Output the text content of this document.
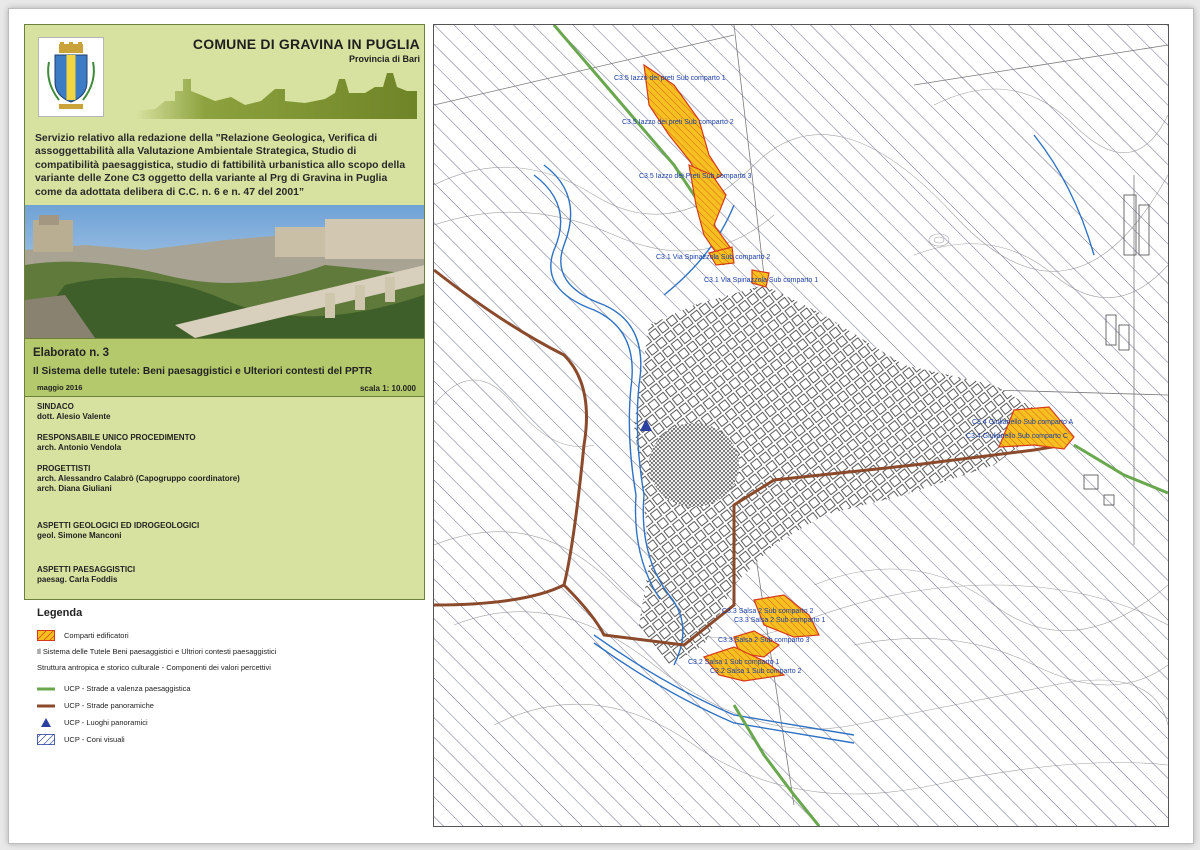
COMUNE DI GRAVINA IN PUGLIA
Provincia di Bari
Servizio relativo alla redazione della "Relazione Geologica, Verifica di assoggettabilità alla Valutazione Ambientale Strategica, Studio di compatibilità paesaggistica, studio di fattibilità urbanistica allo scopo della variante delle Zone C3 oggetto della variante al Prg di Gravina in Puglia come da adottata delibera di C.C. n. 6 e n. 47 del 2001”
Elaborato n. 3
Il Sistema delle tutele: Beni paesaggistici e Ulteriori contesti del PPTR
maggio 2016	scala 1: 10.000
SINDACO
dott. Alesio Valente
RESPONSABILE UNICO PROCEDIMENTO
arch. Antonio Vendola
PROGETTISTI
arch. Alessandro Calabrò (Capogruppo coordinatore)
arch. Diana Giuliani
ASPETTI GEOLOGICI ED IDROGEOLOGICI
geol. Simone Manconi
ASPETTI PAESAGGISTICI
paesag. Carla Foddis
Legenda
Comparti edificatori
Il Sistema delle Tutele Beni paesaggistici e Ultriori contesti paesaggistici
Struttura antropica e storico culturale - Componenti dei valori percettivi
UCP - Strade a valenza paesaggistica
UCP - Strade panoramiche
UCP - Luoghi panoramici
UCP - Coni visuali
C3.5 Iazzo dei preti Sub comparto 1
C3.5 Iazzo dei preti Sub comparto 2
C3.5 Iazzo dei Preti Sub comparto 3
C3.1 Via Spinazzola Sub comparto 2
C3.1 Via Spinazzola Sub comparto 1
C3.4 Giulianello Sub comparto A
C3.4 Giulianello Sub comparto C
C3.3 Salsa 2 Sub comparto 2
C3.3 Salsa 2 Sub comparto 1
C3.3 Salsa 2 Sub comparto 3
C3.2 Salsa 1 Sub comparto 1
C3.2 Salsa 1 Sub comparto 2
